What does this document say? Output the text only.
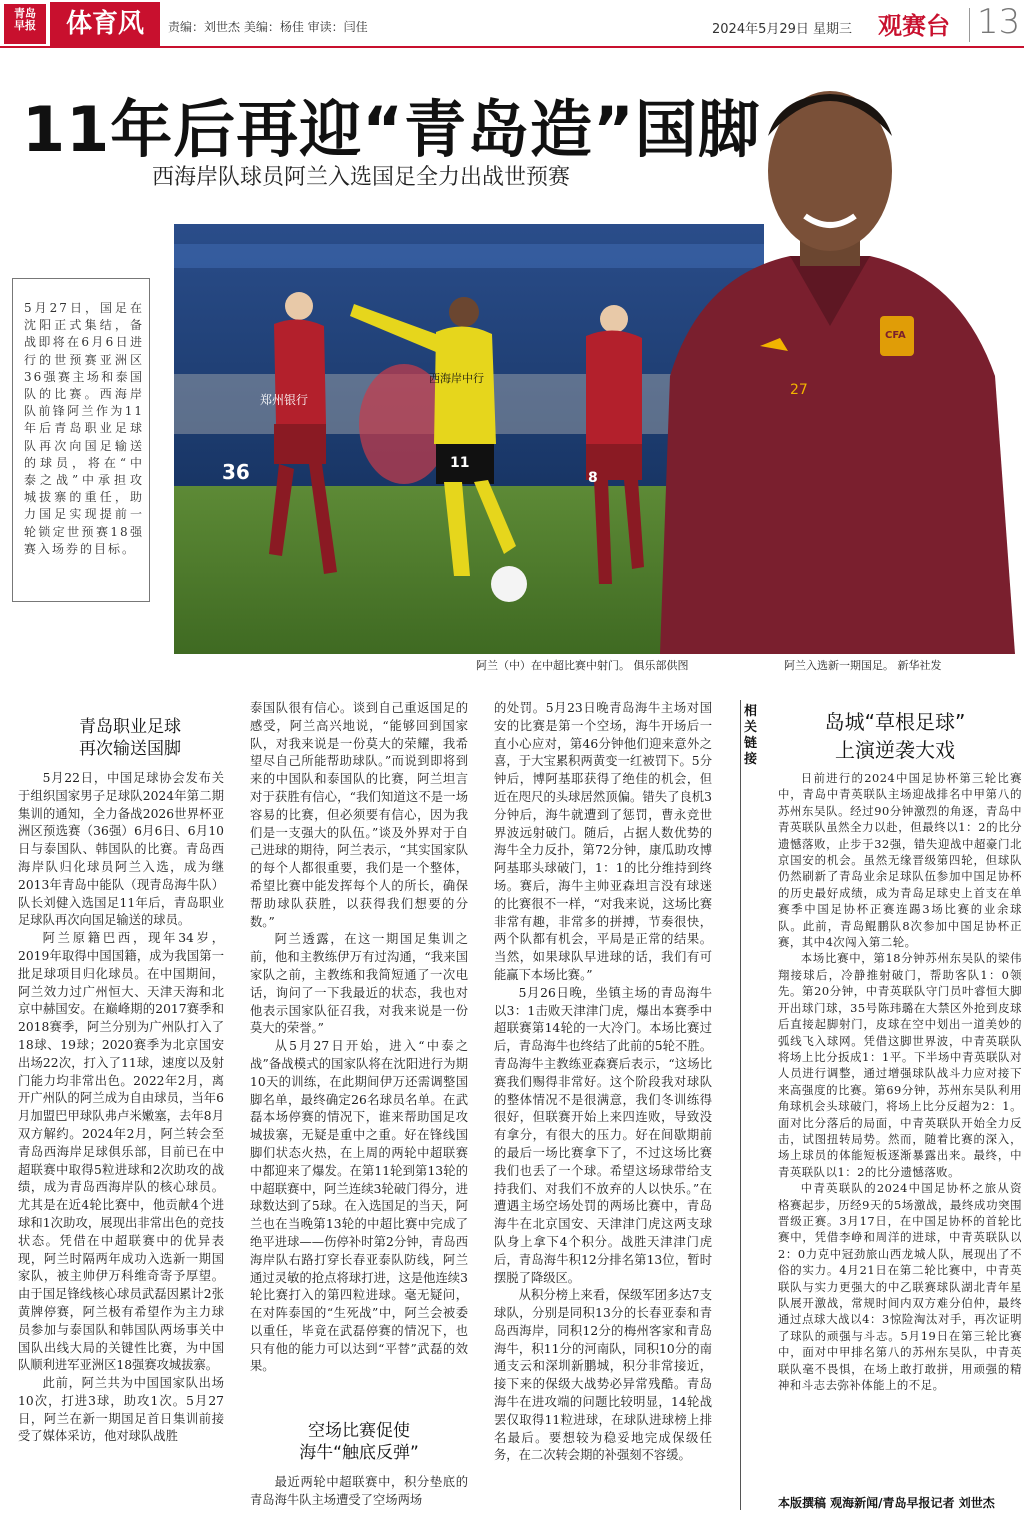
青岛
早报	体育风	责编：刘世杰 美编：杨佳 审读：闫佳	2024年5月29日 星期三 观赛台 13
36
郑州银行
西海岸中行
11
8
27
CFA
11年后再迎“青岛造”国脚
西海岸队球员阿兰入选国足全力出战世预赛
5月27日，国足在沈阳正式集结，备战即将在6月6日进行的世预赛亚洲区36强赛主场和泰国队的比赛。西海岸队前锋阿兰作为11年后青岛职业足球队再次向国足输送的球员，将在“中泰之战”中承担攻城拔寨的重任，助力国足实现提前一轮锁定世预赛18强赛入场券的目标。
阿兰（中）在中超比赛中射门。 俱乐部供图	阿兰入选新一期国足。 新华社发
青岛职业足球
再次输送国脚

5月22日，中国足球协会发布关于组织国家男子足球队2024年第二期集训的通知，全力备战2026世界杯亚洲区预选赛（36强）6月6日、6月10日与泰国队、韩国队的比赛。青岛西海岸队归化球员阿兰入选，成为继2013年青岛中能队（现青岛海牛队）队长刘健入选国足11年后，青岛职业足球队再次向国足输送的球员。

阿兰原籍巴西，现年34岁，2019年取得中国国籍，成为我国第一批足球项目归化球员。在中国期间，阿兰效力过广州恒大、天津天海和北京中赫国安。在巅峰期的2017赛季和2018赛季，阿兰分别为广州队打入了18球、19球；2020赛季为北京国安出场22次，打入了11球，速度以及射门能力均非常出色。2022年2月，离开广州队的阿兰成为自由球员，当年6月加盟巴甲球队弗卢米嫩塞，去年8月双方解约。2024年2月，阿兰转会至青岛西海岸足球俱乐部，目前已在中超联赛中取得5粒进球和2次助攻的战绩，成为青岛西海岸队的核心球员。尤其是在近4轮比赛中，他贡献4个进球和1次助攻，展现出非常出色的竞技状态。凭借在中超联赛中的优异表现，阿兰时隔两年成功入选新一期国家队，被主帅伊万科维奇寄予厚望。由于国足锋线核心球员武磊因累计2张黄牌停赛，阿兰极有希望作为主力球员参加与泰国队和韩国队两场事关中国队出线大局的关键性比赛，为中国队顺利进军亚洲区18强赛攻城拔寨。

此前，阿兰共为中国国家队出场10次，打进3球，助攻1次。5月27日，阿兰在新一期国足首日集训前接受了媒体采访，他对球队战胜

泰国队很有信心。谈到自己重返国足的感受，阿兰高兴地说，“能够回到国家队，对我来说是一份莫大的荣耀，我希望尽自己所能帮助球队。”而说到即将到来的中国队和泰国队的比赛，阿兰坦言对于获胜有信心，“我们知道这不是一场容易的比赛，但必须要有信心，因为我们是一支强大的队伍。”谈及外界对于自己进球的期待，阿兰表示，“其实国家队的每个人都很重要，我们是一个整体，希望比赛中能发挥每个人的所长，确保帮助球队获胜，以获得我们想要的分数。”

阿兰透露，在这一期国足集训之前，他和主教练伊万有过沟通，“我来国家队之前，主教练和我简短通了一次电话，询问了一下我最近的状态，我也对他表示国家队征召我，对我来说是一份莫大的荣誉。”

从5月27日开始，进入“中泰之战”备战模式的国家队将在沈阳进行为期10天的训练，在此期间伊万还需调整国脚名单，最终确定26名球员名单。在武磊本场停赛的情况下，谁来帮助国足攻城拔寨，无疑是重中之重。好在锋线国脚们状态火热，在上周的两轮中超联赛中都迎来了爆发。在第11轮到第13轮的中超联赛中，阿兰连续3轮破门得分，进球数达到了5球。在入选国足的当天，阿兰也在当晚第13轮的中超比赛中完成了绝平进球——伤停补时第2分钟，青岛西海岸队右路打穿长春亚泰队防线，阿兰通过灵敏的抢点将球打进，这是他连续3轮比赛打入的第四粒进球。毫无疑问，在对阵泰国的“生死战”中，阿兰会被委以重任，毕竟在武磊停赛的情况下，也只有他的能力可以达到“平替”武磊的效果。

空场比赛促使
海牛“触底反弹”

最近两轮中超联赛中，积分垫底的青岛海牛队主场遭受了空场两场

的处罚。5月23日晚青岛海牛主场对国安的比赛是第一个空场，海牛开场后一直小心应对，第46分钟他们迎来意外之喜，于大宝累积两黄变一红被罚下。5分钟后，博阿基耶获得了绝佳的机会，但近在咫尺的头球居然顶偏。错失了良机3分钟后，海牛就遭到了惩罚，曹永竞世界波远射破门。随后，占据人数优势的海牛全力反扑，第72分钟，康瓜助攻博阿基耶头球破门，1：1的比分维持到终场。赛后，海牛主帅亚森坦言没有球迷的比赛很不一样，“对我来说，这场比赛非常有趣，非常多的拼搏，节奏很快，两个队都有机会，平局是正常的结果。当然，如果球队早进球的话，我们有可能赢下本场比赛。”

5月26日晚，坐镇主场的青岛海牛以3：1击败天津津门虎，爆出本赛季中超联赛第14轮的一大冷门。本场比赛过后，青岛海牛也终结了此前的5轮不胜。青岛海牛主教练亚森赛后表示，“这场比赛我们赐得非常好。这个阶段我对球队的整体情况不是很满意，我们冬训练得很好，但联赛开始上来四连败，导致没有拿分，有很大的压力。好在间歇期前的最后一场比赛拿下了，不过这场比赛我们也丢了一个球。希望这场球带给支持我们、对我们不放弃的人以快乐。”在遭遇主场空场处罚的两场比赛中，青岛海牛在北京国安、天津津门虎这两支球队身上拿下4个积分。战胜天津津门虎后，青岛海牛积12分排名第13位，暂时摆脱了降级区。

从积分榜上来看，保级军团多达7支球队，分别是同积13分的长春亚泰和青岛西海岸，同积12分的梅州客家和青岛海牛，积11分的河南队，同积10分的南通支云和深圳新鹏城，积分非常接近，接下来的保级大战势必异常残酷。青岛海牛在进攻端的问题比较明显，14轮战罢仅取得11粒进球，在球队进球榜上排名最后。要想较为稳妥地完成保级任务，在二次转会期的补强刻不容缓。

相关链接
岛城“草根足球”
上演逆袭大戏

日前进行的2024中国足协杯第三轮比赛中，青岛中青英联队主场迎战排名中甲第八的苏州东吴队。经过90分钟激烈的角逐，青岛中青英联队虽然全力以赴，但最终以1：2的比分遗憾落败，止步于32强，错失迎战中超豪门北京国安的机会。虽然无缘晋级第四轮，但球队仍然刷新了青岛业余足球队伍参加中国足协杯的历史最好成绩，成为青岛足球史上首支在单赛季中国足协杯正赛连踢3场比赛的业余球队。此前，青岛鲲鹏队8次参加中国足协杯正赛，其中4次闯入第二轮。

本场比赛中，第18分钟苏州东吴队的梁伟翔接球后，冷静推射破门，帮助客队1：0领先。第20分钟，中青英联队守门员叶睿恒大脚开出球门球，35号陈玮璐在大禁区外抢到皮球后直接起脚射门，皮球在空中划出一道美妙的弧线飞入球网。凭借这脚世界波，中青英联队将场上比分扳成1：1平。下半场中青英联队对人员进行调整，通过增强球队战斗力应对接下来高强度的比赛。第69分钟，苏州东吴队利用角球机会头球破门，将场上比分反超为2：1。面对比分落后的局面，中青英联队开始全力反击，试图扭转局势。然而，随着比赛的深入，场上球员的体能短板逐渐暴露出来。最终，中青英联队以1：2的比分遗憾落败。

中青英联队的2024中国足协杯之旅从资格赛起步，历经9天的5场激战，最终成功突围晋级正赛。3月17日，在中国足协杯的首轮比赛中，凭借李峥和周洋的进球，中青英联队以2：0力克中冠劲旅山西龙城人队，展现出了不俗的实力。4月21日在第二轮比赛中，中青英联队与实力更强大的中乙联赛球队湖北青年星队展开激战，常规时间内双方难分伯仲，最终通过点球大战以4：3惊险淘汰对手，再次证明了球队的顽强与斗志。5月19日在第三轮比赛中，面对中甲排名第八的苏州东吴队，中青英联队毫不畏惧，在场上敢打敢拼，用顽强的精神和斗志去弥补体能上的不足。

本版撰稿 观海新闻/青岛早报记者 刘世杰
